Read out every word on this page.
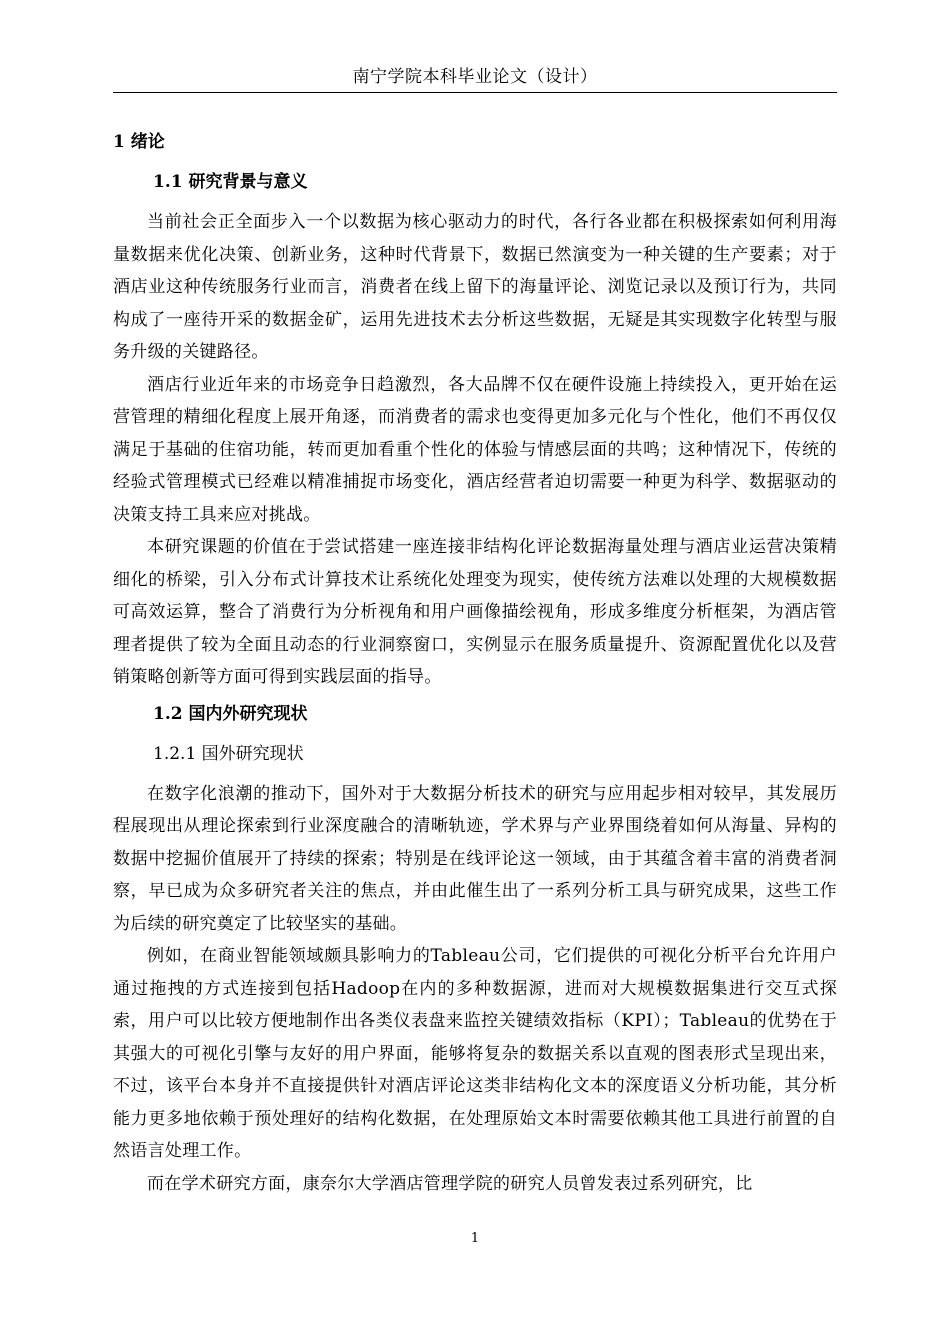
南宁学院本科毕业论文（设计）
1 绪论
1.1 研究背景与意义

当前社会正全面步入一个以数据为核心驱动力的时代，各行各业都在积极探索如何利用海量数据来优化决策、创新业务，这种时代背景下，数据已然演变为一种关键的生产要素；对于酒店业这种传统服务行业而言，消费者在线上留下的海量评论、浏览记录以及预订行为，共同构成了一座待开采的数据金矿，运用先进技术去分析这些数据，无疑是其实现数字化转型与服务升级的关键路径。

酒店行业近年来的市场竞争日趋激烈，各大品牌不仅在硬件设施上持续投入，更开始在运营管理的精细化程度上展开角逐，而消费者的需求也变得更加多元化与个性化，他们不再仅仅满足于基础的住宿功能，转而更加看重个性化的体验与情感层面的共鸣；这种情况下，传统的经验式管理模式已经难以精准捕捉市场变化，酒店经营者迫切需要一种更为科学、数据驱动的决策支持工具来应对挑战。

本研究课题的价值在于尝试搭建一座连接非结构化评论数据海量处理与酒店业运营决策精细化的桥梁，引入分布式计算技术让系统化处理变为现实，使传统方法难以处理的大规模数据可高效运算，整合了消费行为分析视角和用户画像描绘视角，形成多维度分析框架，为酒店管理者提供了较为全面且动态的行业洞察窗口，实例显示在服务质量提升、资源配置优化以及营销策略创新等方面可得到实践层面的指导。

1.2 国内外研究现状
1.2.1 国外研究现状

在数字化浪潮的推动下，国外对于大数据分析技术的研究与应用起步相对较早，其发展历程展现出从理论探索到行业深度融合的清晰轨迹，学术界与产业界围绕着如何从海量、异构的数据中挖掘价值展开了持续的探索；特别是在线评论这一领域，由于其蕴含着丰富的消费者洞察，早已成为众多研究者关注的焦点，并由此催生出了一系列分析工具与研究成果，这些工作为后续的研究奠定了比较坚实的基础。

例如，在商业智能领域颇具影响力的Tableau公司，它们提供的可视化分析平台允许用户通过拖拽的方式连接到包括Hadoop在内的多种数据源，进而对大规模数据集进行交互式探索，用户可以比较方便地制作出各类仪表盘来监控关键绩效指标（KPI）；Tableau的优势在于其强大的可视化引擎与友好的用户界面，能够将复杂的数据关系以直观的图表形式呈现出来，不过，该平台本身并不直接提供针对酒店评论这类非结构化文本的深度语义分析功能，其分析能力更多地依赖于预处理好的结构化数据，在处理原始文本时需要依赖其他工具进行前置的自然语言处理工作。

而在学术研究方面，康奈尔大学酒店管理学院的研究人员曾发表过系列研究，比

1
